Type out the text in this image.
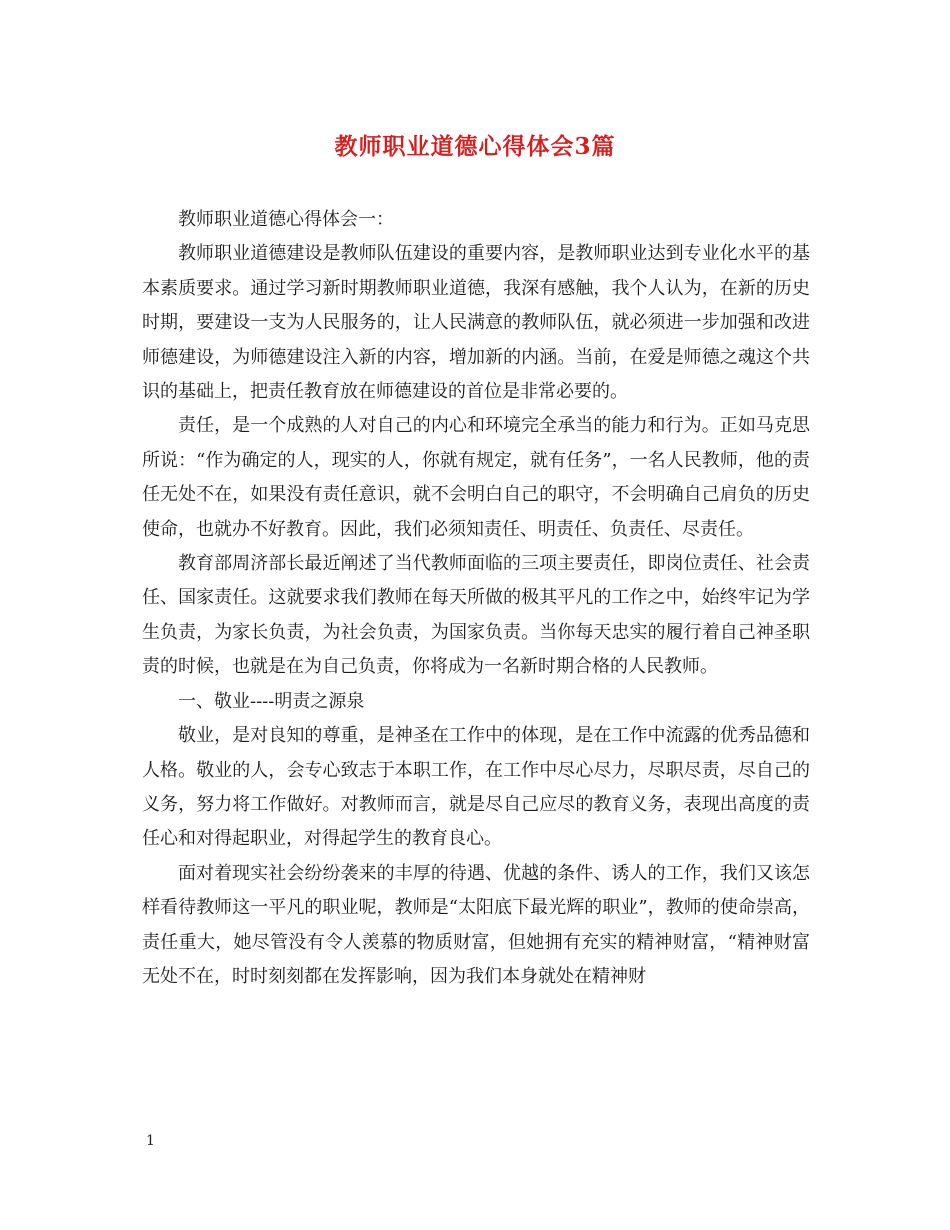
教师职业道德心得体会3篇

教师职业道德心得体会一：

教师职业道德建设是教师队伍建设的重要内容，是教师职业达到专业化水平的基本素质要求。通过学习新时期教师职业道德，我深有感触，我个人认为，在新的历史时期，要建设一支为人民服务的，让人民满意的教师队伍，就必须进一步加强和改进师德建设，为师德建设注入新的内容，增加新的内涵。当前，在爱是师德之魂这个共识的基础上，把责任教育放在师德建设的首位是非常必要的。

责任，是一个成熟的人对自己的内心和环境完全承当的能力和行为。正如马克思所说：“作为确定的人，现实的人，你就有规定，就有任务”，一名人民教师，他的责任无处不在，如果没有责任意识，就不会明白自己的职守，不会明确自己肩负的历史使命，也就办不好教育。因此，我们必须知责任、明责任、负责任、尽责任。

教育部周济部长最近阐述了当代教师面临的三项主要责任，即岗位责任、社会责任、国家责任。这就要求我们教师在每天所做的极其平凡的工作之中，始终牢记为学生负责，为家长负责，为社会负责，为国家负责。当你每天忠实的履行着自己神圣职责的时候，也就是在为自己负责，你将成为一名新时期合格的人民教师。

一、敬业----明责之源泉

敬业，是对良知的尊重，是神圣在工作中的体现，是在工作中流露的优秀品德和人格。敬业的人，会专心致志于本职工作，在工作中尽心尽力，尽职尽责，尽自己的义务，努力将工作做好。对教师而言，就是尽自己应尽的教育义务，表现出高度的责任心和对得起职业，对得起学生的教育良心。

面对着现实社会纷纷袭来的丰厚的待遇、优越的条件、诱人的工作，我们又该怎样看待教师这一平凡的职业呢，教师是“太阳底下最光辉的职业”，教师的使命崇高，责任重大，她尽管没有令人羡慕的物质财富，但她拥有充实的精神财富，“精神财富无处不在，时时刻刻都在发挥影响，因为我们本身就处在精神财

1
